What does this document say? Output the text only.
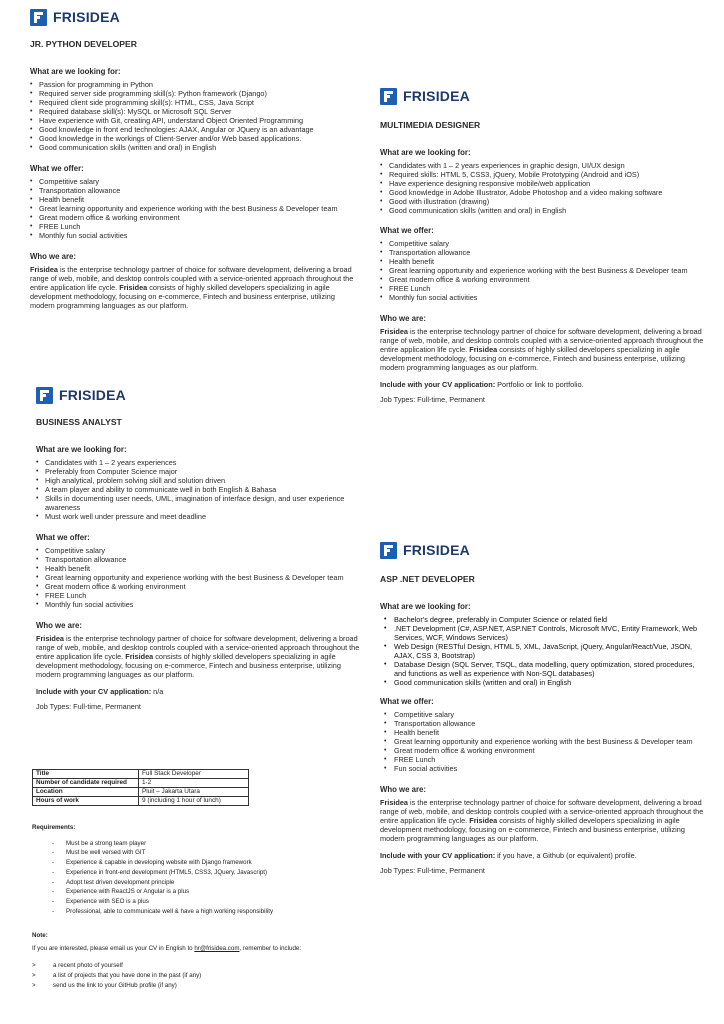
FRISIDEA
JR. PYTHON DEVELOPER
What are we looking for:
• Passion for programming in Python
• Required server side programming skill(s): Python framework (Django)
• Required client side programming skill(s): HTML, CSS, Java Script
• Required database skill(s): MySQL or Microsoft SQL Server
• Have experience with Git, creating API, understand Object Oriented Programming
• Good knowledge in front end technologies: AJAX, Angular or JQuery is an advantage
• Good knowledge in the workings of Client-Server and/or Web based applications.
• Good communication skills (written and oral) in English
What we offer:
• Competitive salary
• Transportation allowance
• Health benefit
• Great learning opportunity and experience working with the best Business & Developer team
• Great modern office & working environment
• FREE Lunch
• Monthly fun social activities
Who we are:
Frisidea is the enterprise technology partner of choice for software development, delivering a broad range of web, mobile, and desktop controls coupled with a service-oriented approach throughout the entire application life cycle. Frisidea consists of highly skilled developers specializing in agile development methodology, focusing on e-commerce, Fintech and business enterprise, utilizing modern programming languages as our platform.
FRISIDEA
MULTIMEDIA DESIGNER
What are we looking for:
• Candidates with 1 – 2 years experiences in graphic design, UI/UX design
• Required skills: HTML 5, CSS3, jQuery, Mobile Prototyping (Android and iOS)
• Have experience designing responsive mobile/web application
• Good knowledge in Adobe Illustrator, Adobe Photoshop and a video making software
• Good with illustration (drawing)
• Good communication skills (written and oral) in English
What we offer:
• Competitive salary
• Transportation allowance
• Health benefit
• Great learning opportunity and experience working with the best Business & Developer team
• Great modern office & working environment
• FREE Lunch
• Monthly fun social activities
Who we are:
Frisidea is the enterprise technology partner of choice for software development, delivering a broad range of web, mobile, and desktop controls coupled with a service-oriented approach throughout the entire application life cycle. Frisidea consists of highly skilled developers specializing in agile development methodology, focusing on e-commerce, Fintech and business enterprise, utilizing modern programming languages as our platform.
Include with your CV application: Portfolio or link to portfolio.
Job Types: Full-time, Permanent
FRISIDEA
BUSINESS ANALYST
What are we looking for:
• Candidates with 1 – 2 years experiences
• Preferably from Computer Science major
• High analytical, problem solving skill and solution driven
• A team player and ability to communicate well in both English & Bahasa
• Skills in documenting user needs, UML, imagination of interface design, and user experience awareness
• Must work well under pressure and meet deadline
What we offer:
• Competitive salary
• Transportation allowance
• Health benefit
• Great learning opportunity and experience working with the best Business & Developer team
• Great modern office & working environment
• FREE Lunch
• Monthly fun social activities
Who we are:
Frisidea is the enterprise technology partner of choice for software development, delivering a broad range of web, mobile, and desktop controls coupled with a service-oriented approach throughout the entire application life cycle. Frisidea consists of highly skilled developers specializing in agile development methodology, focusing on e-commerce, Fintech and business enterprise, utilizing modern programming languages as our platform.
Include with your CV application: n/a
Job Types: Full-time, Permanent
FRISIDEA
ASP .NET DEVELOPER
What are we looking for:
• Bachelor's degree, preferably in Computer Science or related field
• .NET Development (C#, ASP.NET, ASP.NET Controls, Microsoft MVC, Entity Framework, Web Services, WCF, Windows Services)
• Web Design (RESTful Design, HTML 5, XML, JavaScript, jQuery, Angular/React/Vue, JSON, AJAX, CSS 3, Bootstrap)
• Database Design (SQL Server, TSQL, data modelling, query optimization, stored procedures, and functions as well as experience with Non-SQL databases)
• Good communication skills (written and oral) in English
What we offer:
• Competitive salary
• Transportation allowance
• Health benefit
• Great learning opportunity and experience working with the best Business & Developer team
• Great modern office & working environment
• FREE Lunch
• Fun social activities
Who we are:
Frisidea is the enterprise technology partner of choice for software development, delivering a broad range of web, mobile, and desktop controls coupled with a service-oriented approach throughout the entire application life cycle. Frisidea consists of highly skilled developers specializing in agile development methodology, focusing on e-commerce, Fintech and business enterprise, utilizing modern programming languages as our platform.
Include with your CV application: if you have, a Github (or equivalent) profile.
Job Types: Full-time, Permanent
Title	Full Stack Developer
Number of candidate required	1-2
Location	Pluit – Jakarta Utara
Hours of work	9 (including 1 hour of lunch)
Requirements:
- Must be a strong team player
- Must be well versed with GIT
- Experience & capable in developing website with Django framework
- Experience in front-end development (HTML5, CSS3, JQuery, Javascript)
- Adopt test driven development principle
- Experience with ReactJS or Angular is a plus
- Experience with SEO is a plus
- Professional, able to communicate well & have a high working responsibility
Note:
If you are interested, please email us your CV in English to hr@frisidea.com, remember to include:
> a recent photo of yourself
> a list of projects that you have done in the past (if any)
> send us the link to your GitHub profile (if any)
